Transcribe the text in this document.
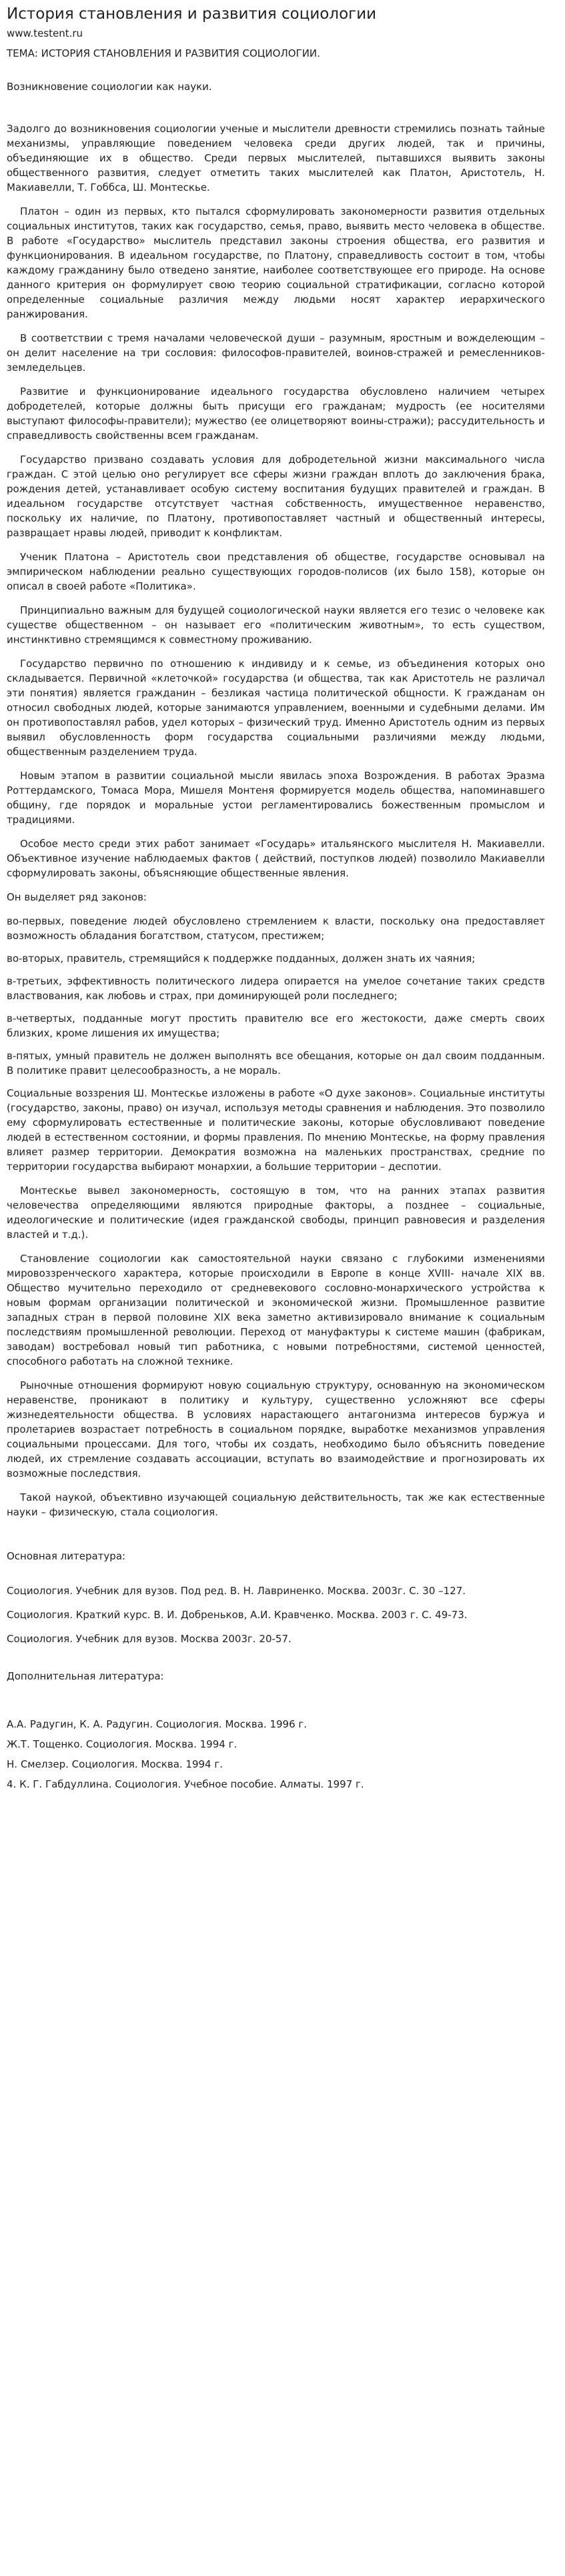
История становления и развития социологии
www.testent.ru
ТЕМА: ИСТОРИЯ СТАНОВЛЕНИЯ И РАЗВИТИЯ СОЦИОЛОГИИ.
Возникновение социологии как науки.
Задолго до возникновения социологии ученые и мыслители древности стремились познать тайные механизмы, управляющие поведением человека среди других людей, так и причины, объединяющие их в общество. Среди первых мыслителей, пытавшихся выявить законы общественного развития, следует отметить таких мыслителей как Платон, Аристотель, Н. Макиавелли, Т. Гоббса, Ш. Монтескье.
Платон – один из первых, кто пытался сформулировать закономерности развития отдельных социальных институтов, таких как государство, семья, право, выявить место человека в обществе. В работе «Государство» мыслитель представил законы строения общества, его развития и функционирования. В идеальном государстве, по Платону, справедливость состоит в том, чтобы каждому гражданину было отведено занятие, наиболее соответствующее его природе. На основе данного критерия он формулирует свою теорию социальной стратификации, согласно которой определенные социальные различия между людьми носят характер иерархического ранжирования.
В соответствии с тремя началами человеческой души – разумным, яростным и вожделеющим – он делит население на три сословия: философов-правителей, воинов-стражей и ремесленников-земледельцев.
Развитие и функционирование идеального государства обусловлено наличием четырех добродетелей, которые должны быть присущи его гражданам; мудрость (ее носителями выступают философы-правители); мужество (ее олицетворяют воины-стражи); рассудительность и справедливость свойственны всем гражданам.
Государство призвано создавать условия для добродетельной жизни максимального числа граждан. С этой целью оно регулирует все сферы жизни граждан вплоть до заключения брака, рождения детей, устанавливает особую систему воспитания будущих правителей и граждан. В идеальном государстве отсутствует частная собственность, имущественное неравенство, поскольку их наличие, по Платону, противопоставляет частный и общественный интересы, развращает нравы людей, приводит к конфликтам.
Ученик Платона – Аристотель свои представления об обществе, государстве основывал на эмпирическом наблюдении реально существующих городов-полисов (их было 158), которые он описал в своей работе «Политика».
Принципиально важным для будущей социологической науки является его тезис о человеке как существе общественном – он называет его «политическим животным», то есть существом, инстинктивно стремящимся к совместному проживанию.
Государство первично по отношению к индивиду и к семье, из объединения которых оно складывается. Первичной «клеточкой» государства (и общества, так как Аристотель не различал эти понятия) является гражданин – безликая частица политической общности. К гражданам он относил свободных людей, которые занимаются управлением, военными и судебными делами. Им он противопоставлял рабов, удел которых – физический труд. Именно Аристотель одним из первых выявил обусловленность форм государства социальными различиями между людьми, общественным разделением труда.
Новым этапом в развитии социальной мысли явилась эпоха Возрождения. В работах Эразма Роттердамского, Томаса Мора, Мишеля Монтеня формируется модель общества, напоминавшего общину, где порядок и моральные устои регламентировались божественным промыслом и традициями.
Особое место среди этих работ занимает «Государь» итальянского мыслителя Н. Макиавелли. Объективное изучение наблюдаемых фактов ( действий, поступков людей) позволило Макиавелли сформулировать законы, объясняющие общественные явления.
Он выделяет ряд законов:
во-первых, поведение людей обусловлено стремлением к власти, поскольку она предоставляет возможность обладания богатством, статусом, престижем;
во-вторых, правитель, стремящийся к поддержке подданных, должен знать их чаяния;
в-третьих, эффективность политического лидера опирается на умелое сочетание таких средств властвования, как любовь и страх, при доминирующей роли последнего;
в-четвертых, подданные могут простить правителю все его жестокости, даже смерть своих близких, кроме лишения их имущества;
в-пятых, умный правитель не должен выполнять все обещания, которые он дал своим подданным. В политике правит целесообразность, а не мораль.
Социальные воззрения Ш. Монтескье изложены в работе «О духе законов». Социальные институты (государство, законы, право) он изучал, используя методы сравнения и наблюдения. Это позволило ему сформулировать естественные и политические законы, которые обусловливают поведение людей в естественном состоянии, и формы правления. По мнению Монтескье, на форму правления влияет размер территории. Демократия возможна на маленьких пространствах, средние по территории государства выбирают монархии, а большие территории – деспотии.
Монтескье вывел закономерность, состоящую в том, что на ранних этапах развития человечества определяющими являются природные факторы, а позднее – социальные, идеологические и политические (идея гражданской свободы, принцип равновесия и разделения властей и т.д.).
Становление социологии как самостоятельной науки связано с глубокими изменениями мировоззренческого характера, которые происходили в Европе в конце XVIII- начале XIX вв. Общество мучительно переходило от средневекового сословно-монархического устройства к новым формам организации политической и экономической жизни. Промышленное развитие западных стран в первой половине XIX века заметно активизировало внимание к социальным последствиям промышленной революции. Переход от мануфактуры к системе машин (фабрикам, заводам) востребовал новый тип работника, с новыми потребностями, системой ценностей, способного работать на сложной технике.
Рыночные отношения формируют новую социальную структуру, основанную на экономическом неравенстве, проникают в политику и культуру, существенно усложняют все сферы жизнедеятельности общества. В условиях нарастающего антагонизма интересов буржуа и пролетариев возрастает потребность в социальном порядке, выработке механизмов управления социальными процессами. Для того, чтобы их создать, необходимо было объяснить поведение людей, их стремление создавать ассоциации, вступать во взаимодействие и прогнозировать их возможные последствия.
Такой наукой, объективно изучающей социальную действительность, так же как естественные науки – физическую, стала социология.
Основная литература:
Социология. Учебник для вузов. Под ред. В. Н. Лавриненко. Москва. 2003г. С. 30 –127.
Социология. Краткий курс. В. И. Добреньков, А.И. Кравченко. Москва. 2003 г. С. 49-73.
Социология. Учебник для вузов. Москва 2003г. 20-57.
Дополнительная литература:
А.А. Радугин, К. А. Радугин. Социология. Москва. 1996 г.
Ж.Т. Тощенко. Социология. Москва. 1994 г.
Н. Смелзер. Социология. Москва. 1994 г.
4. К. Г. Габдуллина. Социология. Учебное пособие. Алматы. 1997 г.
